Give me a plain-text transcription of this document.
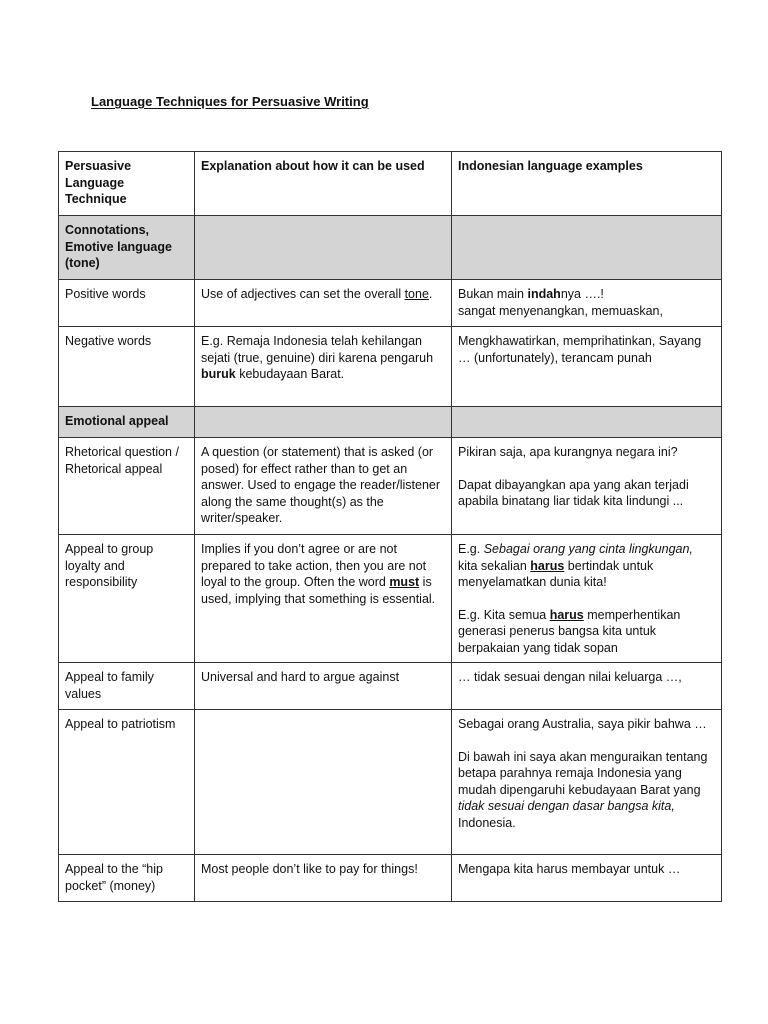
Language Techniques for Persuasive Writing
Persuasive Language Technique	Explanation about how it can be used	Indonesian language examples
Connotations, Emotive language (tone)		
Positive words	Use of adjectives can set the overall tone.	Bukan main indahnya ….!
sangat menyenangkan, memuaskan,
Negative words	E.g. Remaja Indonesia telah kehilangan sejati (true, genuine) diri karena pengaruh buruk kebudayaan Barat.	Mengkhawatirkan, memprihatinkan, Sayang … (unfortunately), terancam punah
Emotional appeal		
Rhetorical question / Rhetorical appeal	A question (or statement) that is asked (or posed) for effect rather than to get an answer. Used to engage the reader/listener along the same thought(s) as the writer/speaker.	Pikiran saja, apa kurangnya negara ini?

Dapat dibayangkan apa yang akan terjadi apabila binatang liar tidak kita lindungi ...

Appeal to group loyalty and responsibility	Implies if you don’t agree or are not prepared to take action, then you are not loyal to the group. Often the word must is used, implying that something is essential.	E.g. Sebagai orang yang cinta lingkungan, kita sekalian harus bertindak untuk menyelamatkan dunia kita!

E.g. Kita semua harus memperhentikan generasi penerus bangsa kita untuk berpakaian yang tidak sopan

Appeal to family values	Universal and hard to argue against	… tidak sesuai dengan nilai keluarga …,
Appeal to patriotism		Sebagai orang Australia, saya pikir bahwa …

Di bawah ini saya akan menguraikan tentang betapa parahnya remaja Indonesia yang mudah dipengaruhi kebudayaan Barat yang tidak sesuai dengan dasar bangsa kita, Indonesia.

Appeal to the “hip pocket” (money)	Most people don’t like to pay for things!	Mengapa kita harus membayar untuk …
